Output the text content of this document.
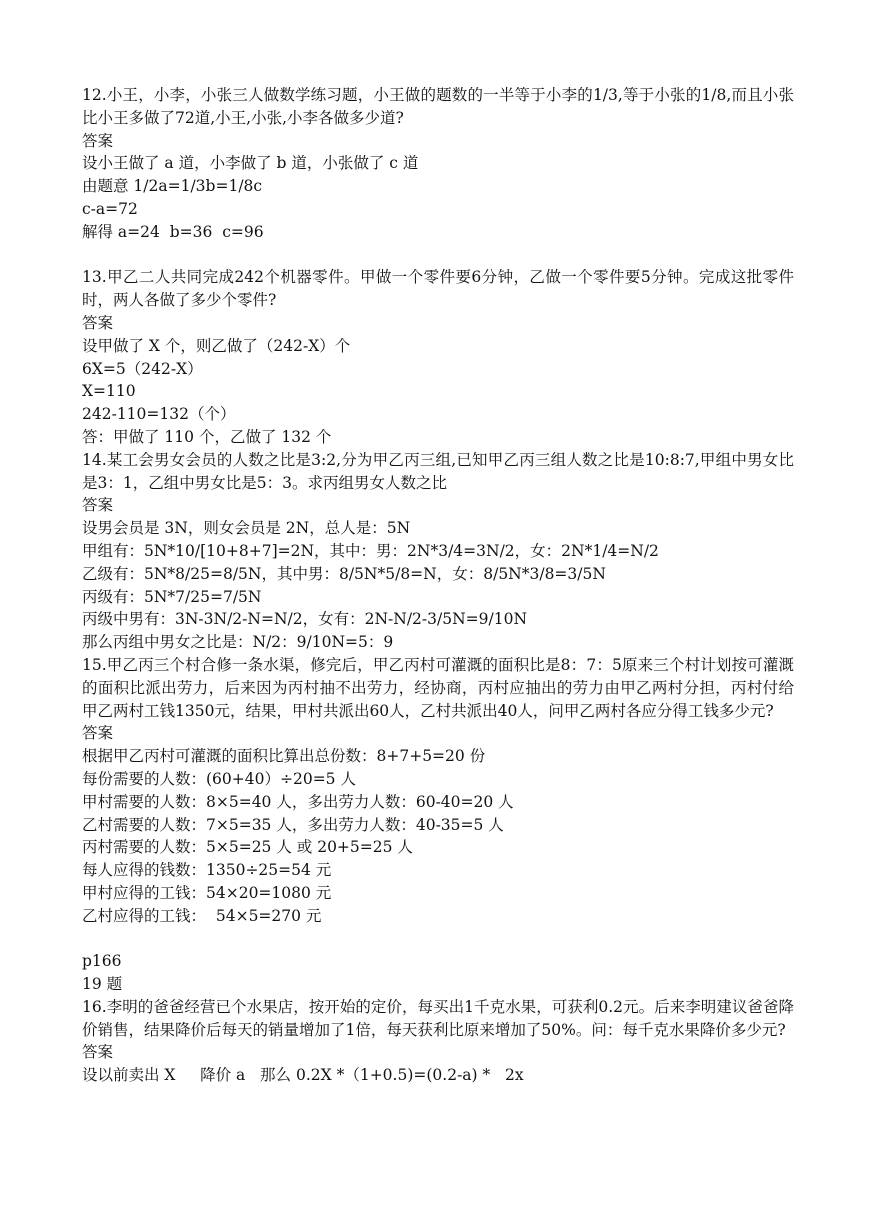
12.小王，小李，小张三人做数学练习题，小王做的题数的一半等于小李的1/3,等于小张的1/8,而且小张比小王多做了72道,小王,小张,小李各做多少道?
答案
设小王做了 a 道，小李做了 b 道，小张做了 c 道
由题意 1/2a=1/3b=1/8c
c-a=72
解得 a=24  b=36  c=96
13.甲乙二人共同完成242个机器零件。甲做一个零件要6分钟，乙做一个零件要5分钟。完成这批零件时，两人各做了多少个零件?
答案
设甲做了 X 个，则乙做了（242-X）个
6X=5（242-X）
X=110
242-110=132（个）
答：甲做了 110 个，乙做了 132 个
14.某工会男女会员的人数之比是3:2,分为甲乙丙三组,已知甲乙丙三组人数之比是10:8:7,甲组中男女比是3：1，乙组中男女比是5：3。求丙组男女人数之比
答案
设男会员是 3N，则女会员是 2N，总人是：5N
甲组有：5N*10/[10+8+7]=2N，其中：男：2N*3/4=3N/2，女：2N*1/4=N/2
乙级有：5N*8/25=8/5N，其中男：8/5N*5/8=N，女：8/5N*3/8=3/5N
丙级有：5N*7/25=7/5N
丙级中男有：3N-3N/2-N=N/2，女有：2N-N/2-3/5N=9/10N
那么丙组中男女之比是：N/2：9/10N=5：9
15.甲乙丙三个村合修一条水渠，修完后，甲乙丙村可灌溉的面积比是8：7：5原来三个村计划按可灌溉的面积比派出劳力，后来因为丙村抽不出劳力，经协商，丙村应抽出的劳力由甲乙两村分担，丙村付给甲乙两村工钱1350元，结果，甲村共派出60人，乙村共派出40人，问甲乙两村各应分得工钱多少元?
答案
根据甲乙丙村可灌溉的面积比算出总份数：8+7+5=20 份
每份需要的人数：(60+40）÷20=5 人
甲村需要的人数：8×5=40 人，多出劳力人数：60-40=20 人
乙村需要的人数：7×5=35 人，多出劳力人数：40-35=5 人
丙村需要的人数：5×5=25 人 或 20+5=25 人
每人应得的钱数：1350÷25=54 元
甲村应得的工钱：54×20=1080 元
乙村应得的工钱：  54×5=270 元
p166
19 题
16.李明的爸爸经营已个水果店，按开始的定价，每买出1千克水果，可获利0.2元。后来李明建议爸爸降价销售，结果降价后每天的销量增加了1倍，每天获利比原来增加了50%。问：每千克水果降价多少元?
答案
设以前卖出 X     降价 a   那么 0.2X *（1+0.5)=(0.2-a) *   2x
